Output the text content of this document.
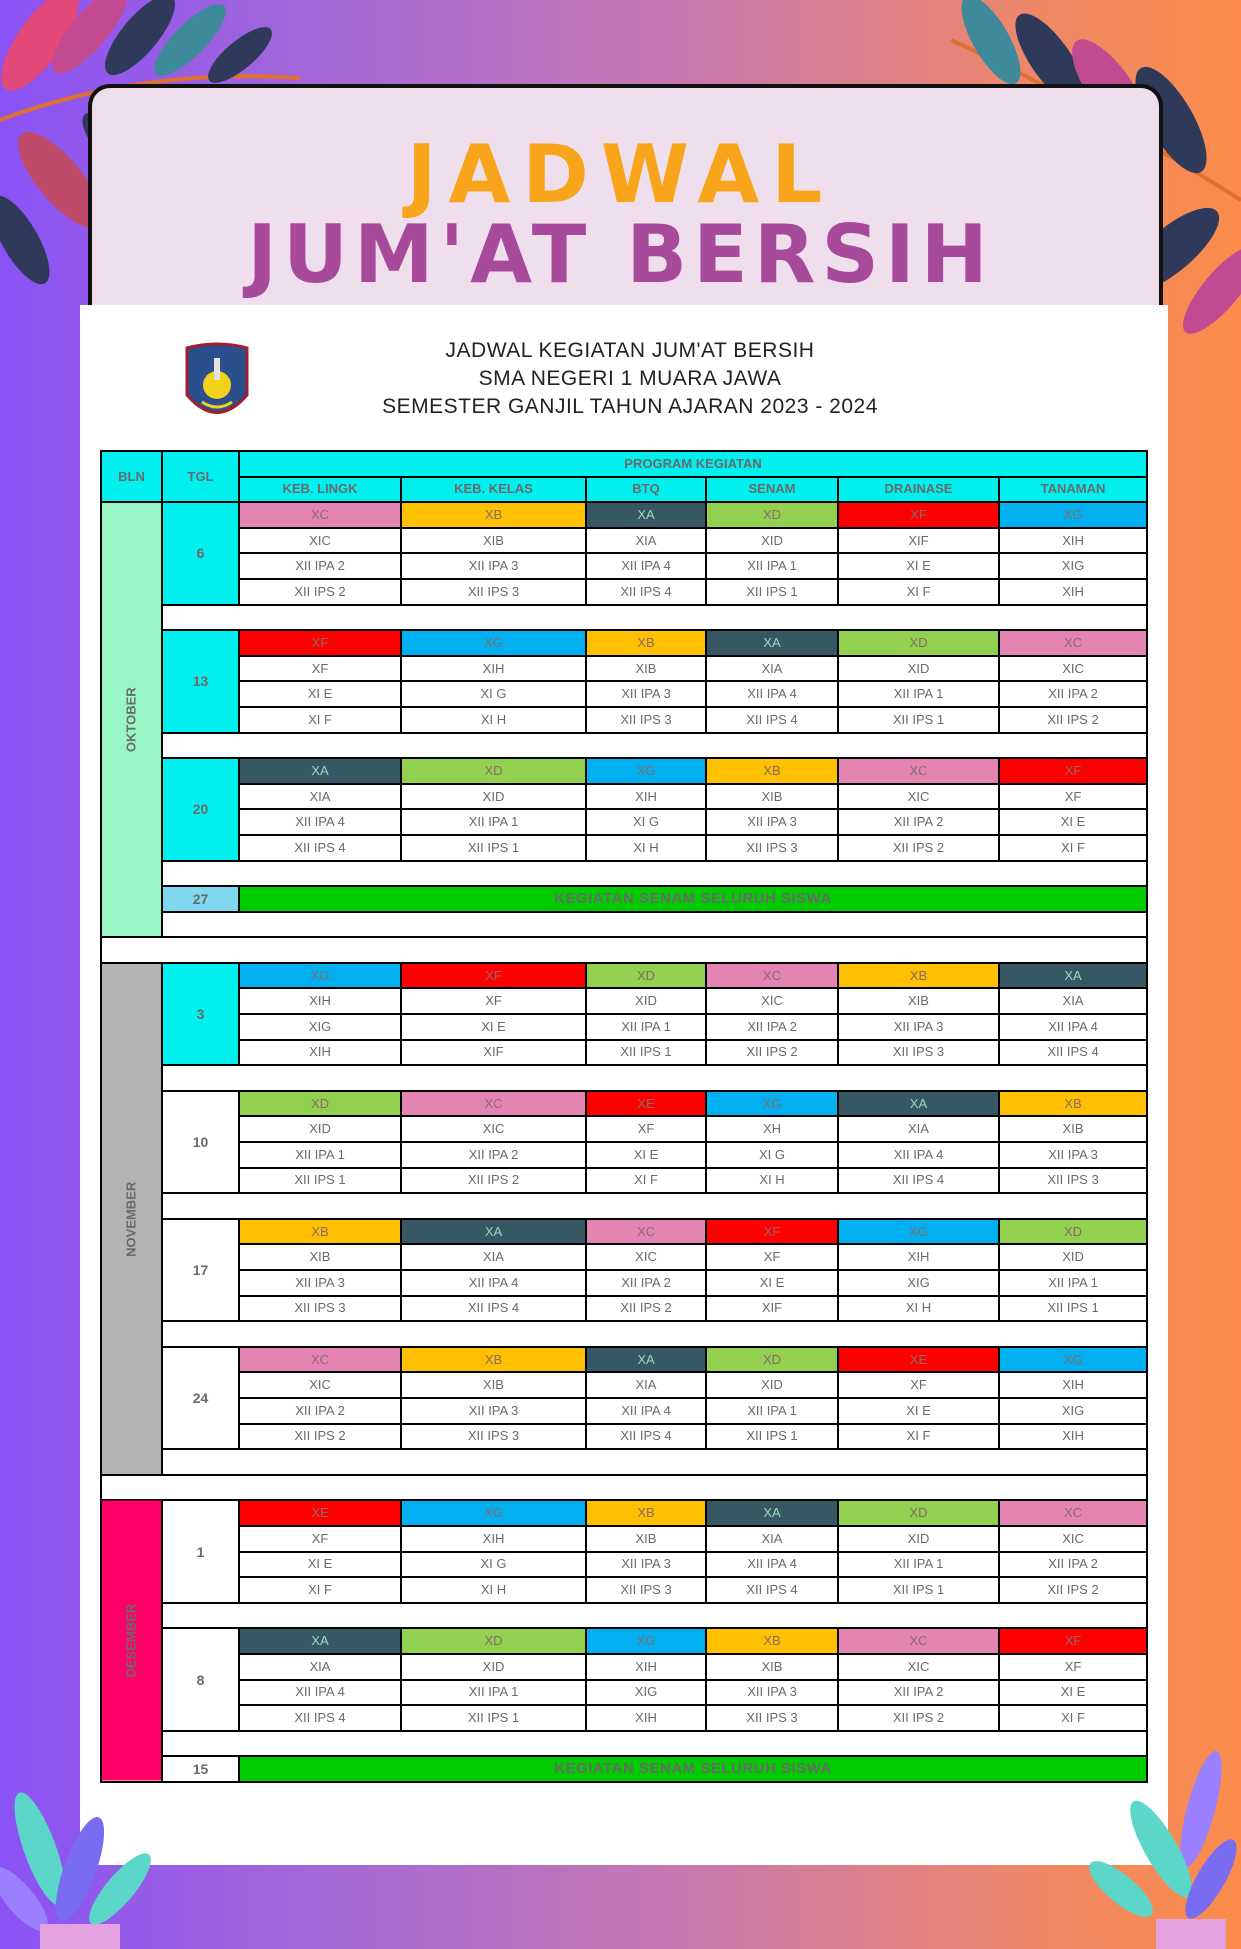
JADWAL
JUM'AT BERSIH
JADWAL KEGIATAN JUM'AT BERSIH
SMA NEGERI 1 MUARA JAWA
SEMESTER GANJIL TAHUN AJARAN 2023 - 2024
BLN	TGL	PROGRAM KEGIATAN					
		KEB. LINGK	KEB. KELAS	BTQ	SENAM	DRAINASE	TANAMAN
OKTOBER	6	XC	XB	XA	XD	XF	XG
		XIC	XIB	XIA	XID	XIF	XIH
		XII IPA 2	XII IPA 3	XII IPA 4	XII IPA 1	XI E	XIG
		XII IPS 2	XII IPS 3	XII IPS 4	XII IPS 1	XI F	XIH

	13	XF	XG	XB	XA	XD	XC
		XF	XIH	XIB	XIA	XID	XIC
		XI E	XI G	XII IPA 3	XII IPA 4	XII IPA 1	XII IPA 2
		XI F	XI H	XII IPS 3	XII IPS 4	XII IPS 1	XII IPS 2

	20	XA	XD	XG	XB	XC	XF
		XIA	XID	XIH	XIB	XIC	XF
		XII IPA 4	XII IPA 1	XI G	XII IPA 3	XII IPA 2	XI E
		XII IPS 4	XII IPS 1	XI H	XII IPS 3	XII IPS 2	XI F

	27	KEGIATAN SENAM SELURUH SISWA					

NOVEMBER	3	XG	XF	XD	XC	XB	XA
		XIH	XF	XID	XIC	XIB	XIA
		XIG	XI E	XII IPA 1	XII IPA 2	XII IPA 3	XII IPA 4
		XIH	XIF	XII IPS 1	XII IPS 2	XII IPS 3	XII IPS 4

	10	XD	XC	XE	XG	XA	XB
		XID	XIC	XF	XH	XIA	XIB
		XII IPA 1	XII IPA 2	XI E	XI G	XII IPA 4	XII IPA 3
		XII IPS 1	XII IPS 2	XI F	XI H	XII IPS 4	XII IPS 3

	17	XB	XA	XC	XF	XG	XD
		XIB	XIA	XIC	XF	XIH	XID
		XII IPA 3	XII IPA 4	XII IPA 2	XI E	XIG	XII IPA 1
		XII IPS 3	XII IPS 4	XII IPS 2	XIF	XI H	XII IPS 1

	24	XC	XB	XA	XD	XE	XG
		XIC	XIB	XIA	XID	XF	XIH
		XII IPA 2	XII IPA 3	XII IPA 4	XII IPA 1	XI E	XIG
		XII IPS 2	XII IPS 3	XII IPS 4	XII IPS 1	XI F	XIH

DESEMBER	1	XE	XG	XB	XA	XD	XC
		XF	XIH	XIB	XIA	XID	XIC
		XI E	XI G	XII IPA 3	XII IPA 4	XII IPA 1	XII IPA 2
		XI F	XI H	XII IPS 3	XII IPS 4	XII IPS 1	XII IPS 2

	8	XA	XD	XG	XB	XC	XF
		XIA	XID	XIH	XIB	XIC	XF
		XII IPA 4	XII IPA 1	XIG	XII IPA 3	XII IPA 2	XI E
		XII IPS 4	XII IPS 1	XIH	XII IPS 3	XII IPS 2	XI F

	15	KEGIATAN SENAM SELURUH SISWA					
